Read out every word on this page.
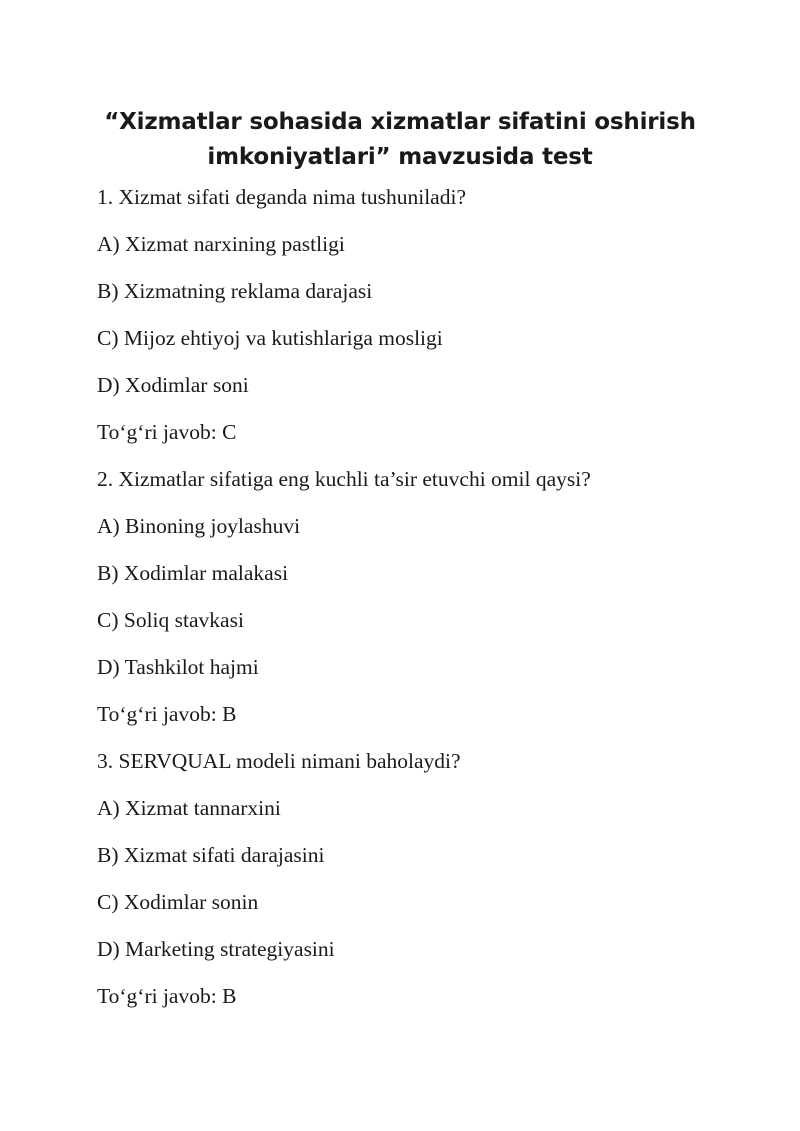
“Xizmatlar sohasida xizmatlar sifatini oshirish
imkoniyatlari” mavzusida test
1. Xizmat sifati deganda nima tushuniladi?
A) Xizmat narxining pastligi
B) Xizmatning reklama darajasi
C) Mijoz ehtiyoj va kutishlariga mosligi
D) Xodimlar soni
To‘g‘ri javob: C
2. Xizmatlar sifatiga eng kuchli ta’sir etuvchi omil qaysi?
A) Binoning joylashuvi
B) Xodimlar malakasi
C) Soliq stavkasi
D) Tashkilot hajmi
To‘g‘ri javob: B
3. SERVQUAL modeli nimani baholaydi?
A) Xizmat tannarxini
B) Xizmat sifati darajasini
C) Xodimlar sonin
D) Marketing strategiyasini
To‘g‘ri javob: B
